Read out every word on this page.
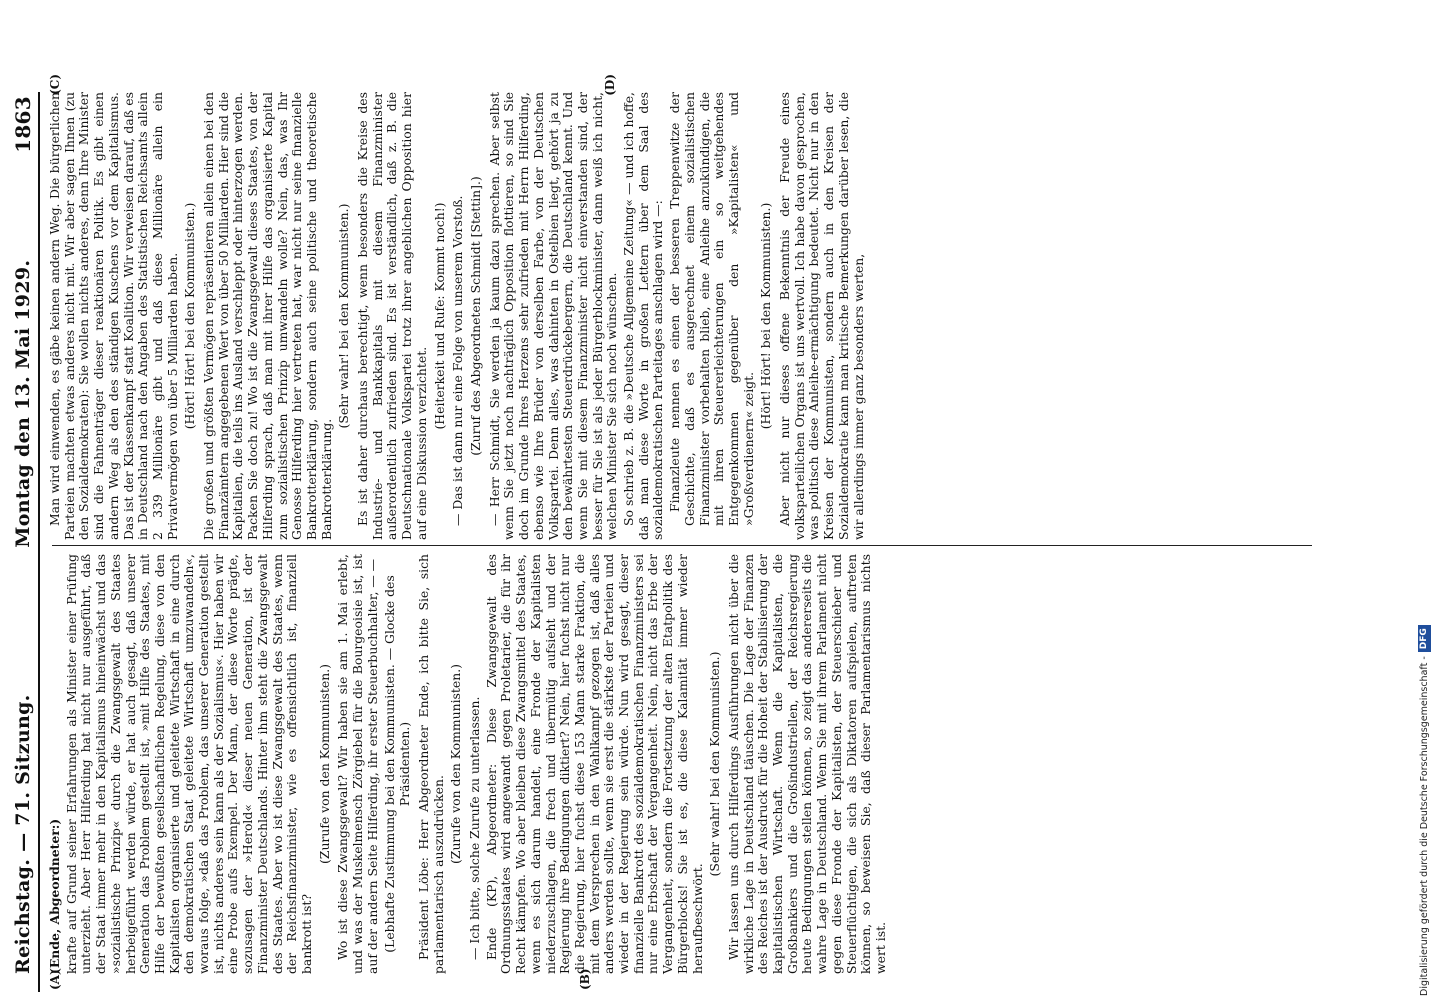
Reichstag. — 71. Sitzung.
Montag den 13. Mai 1929.
1863
(A)	(B)

(Ende, Abgeordneter:) krafte auf Grund seiner Erfahrungen als Minister einer Prüfung unterzieht. Aber Herr Hilferding hat nicht nur ausgeführt, daß der Staat immer mehr in den Kapitalismus hineinwächst und das »sozialistische Prinzip« durch die Zwangsgewalt des Staates herbeigeführt werden würde, er hat auch gesagt, daß unserer Generation das Problem gestellt ist, »mit Hilfe des Staates, mit Hilfe der bewußten gesellschaftlichen Regelung, diese von den Kapitalisten organisierte und geleitete Wirtschaft in eine durch den demokratischen Staat geleitete Wirtschaft umzuwandeln«, woraus folge, »daß das Problem, das unserer Generation gestellt ist, nichts anderes sein kann als der Sozialismus«. Hier haben wir eine Probe aufs Exempel. Der Mann, der diese Worte prägte, sozusagen der »Herold« dieser neuen Generation, ist der Finanzminister Deutschlands. Hinter ihm steht die Zwangsgewalt des Staates. Aber wo ist diese Zwangsgewalt des Staates, wenn der Reichsfinanzminister, wie es offensichtlich ist, finanziell bankrott ist?

(Zurufe von den Kommunisten.) Wo ist diese Zwangsgewalt? Wir haben sie am 1. Mai erlebt, und was der Muskelmensch Zörgiebel für die Bourgeoisie ist, ist auf der andern Seite Hilferding, ihr erster Steuerbuchhalter, — — (Lebhafte Zustimmung bei den Kommunisten. — Glocke des Präsidenten.) Präsident Löbe: Herr Abgeordneter Ende, ich bitte Sie, sich parlamentarisch auszudrücken.

(Zurufe von den Kommunisten.) — Ich bitte, solche Zurufe zu unterlassen. Ende (KP), Abgeordneter: Diese Zwangsgewalt des Ordnungsstaates wird angewandt gegen Proletarier, die für ihr Recht kämpfen. Wo aber bleiben diese Zwangsmittel des Staates, wenn es sich darum handelt, eine Fronde der Kapitalisten niederzuschlagen, die frech und übermütig aufsieht und der Regierung ihre Bedingungen diktiert? Nein, hier fuchst nicht nur die Regierung, hier fuchst diese 153 Mann starke Fraktion, die mit dem Versprechen in den Wahlkampf gezogen ist, daß alles anders werden sollte, wenn sie erst die stärkste der Parteien und wieder in der Regierung sein würde. Nun wird gesagt, dieser finanzielle Bankrott des sozialdemokratischen Finanzministers sei nur eine Erbschaft der Vergangenheit. Nein, nicht das Erbe der Vergangenheit, sondern die Fortsetzung der alten Etatpolitik des Bürgerblocks! Sie ist es, die diese Kalamität immer wieder heraufbeschwört.

(Sehr wahr! bei den Kommunisten.) Wir lassen uns durch Hilferdings Ausführungen nicht über die wirkliche Lage in Deutschland täuschen. Die Lage der Finanzen des Reiches ist der Ausdruck für die Hoheit der Stabilisierung der kapitalistischen Wirtschaft. Wenn die Kapitalisten, die Großbankiers und die Großindustriellen, der Reichsregierung heute Bedingungen stellen können, so zeigt das andererseits die wahre Lage in Deutschland. Wenn Sie mit ihrem Parlament nicht gegen diese Fronde der Kapitalisten, der Steuerschieber und Steuerflüchtigen, die sich als Diktatoren aufspielen, auftreten können, so beweisen Sie, daß dieser Parlamentarismus nichts wert ist.

(C)	(D)

Man wird einwenden, es gäbe keinen andern Weg. Die bürgerlichen Parteien machten etwas anderes nicht mit. Wir aber sagen Ihnen (zu den Sozialdemokraten): Sie wollen nichts anderes, denn Ihre Minister sind die Fahnenträger dieser reaktionären Politik. Es gibt einen andern Weg als den des ständigen Kuschens vor dem Kapitalismus. Das ist der Klassenkampf statt Koalition. Wir verweisen darauf, daß es in Deutschland nach den Angaben des Statistischen Reichsamts allein 2 339 Millionäre gibt und daß diese Millionäre allein ein Privatvermögen von über 5 Milliarden haben. (Hört! Hört! bei den Kommunisten.) Die großen und größten Vermögen repräsentieren allein einen bei den Finanzämtern angegebenen Wert von über 50 Milliarden. Hier sind die Kapitalien, die teils ins Ausland verschleppt oder hinterzogen werden. Packen Sie doch zu! Wo ist die Zwangsgewalt dieses Staates, von der Hilferding sprach, daß man mit ihrer Hilfe das organisierte Kapital zum sozialistischen Prinzip umwandeln wolle? Nein, das, was Ihr Genosse Hilferding hier vertreten hat, war nicht nur seine finanzielle Bankrotterklärung, sondern auch seine politische und theoretische Bankrotterklärung.

(Sehr wahr! bei den Kommunisten.) Es ist daher durchaus berechtigt, wenn besonders die Kreise des Industrie- und Bankkapitals mit diesem Finanzminister außerordentlich zufrieden sind. Es ist verständlich, daß z. B. die Deutschnationale Volkspartei trotz ihrer angeblichen Opposition hier auf eine Diskussion verzichtet.

(Heiterkeit und Rufe: Kommt noch!) — Das ist dann nur eine Folge von unserem Vorstoß. (Zuruf des Abgeordneten Schmidt [Stettin].) — Herr Schmidt, Sie werden ja kaum dazu sprechen. Aber selbst wenn Sie jetzt noch nachträglich Opposition flottieren, so sind Sie doch im Grunde Ihres Herzens sehr zufrieden mit Herrn Hilferding, ebenso wie Ihre Brüder von derselben Farbe, von der Deutschen Volkspartei. Denn alles, was dahinten in Ostelbien liegt, gehört ja zu den bewährtesten Steuerdrückebergern, die Deutschland kennt. Und wenn Sie mit diesem Finanzminister nicht einverstanden sind, der besser für Sie ist als jeder Bürgerblockminister, dann weiß ich nicht, welchen Minister Sie sich noch wünschen. So schrieb z. B. die »Deutsche Allgemeine Zeitung« — und ich hoffe, daß man diese Worte in großen Lettern über dem Saal des sozialdemokratischen Parteitages anschlagen wird —: Finanzleute nennen es einen der besseren Treppenwitze der Geschichte, daß es ausgerechnet einem sozialistischen Finanzminister vorbehalten blieb, eine Anleihe anzukündigen, die mit ihren Steuererleichterungen ein so weitgehendes Entgegenkommen gegenüber den »Kapitalisten« und »Großverdienern« zeigt.

(Hört! Hört! bei den Kommunisten.) Aber nicht nur dieses offene Bekenntnis der Freude eines volksparteilichen Organs ist uns wertvoll. Ich habe davon gesprochen, was politisch diese Anleihe-ermächtigung bedeutet. Nicht nur in den Kreisen der Kommunisten, sondern auch in den Kreisen der Sozialdemokratie kann man kritische Bemerkungen darüber lesen, die wir allerdings immer ganz besonders werten,

Digitalisierung gefördert durch die Deutsche Forschungsgemeinschaft -
DFG
